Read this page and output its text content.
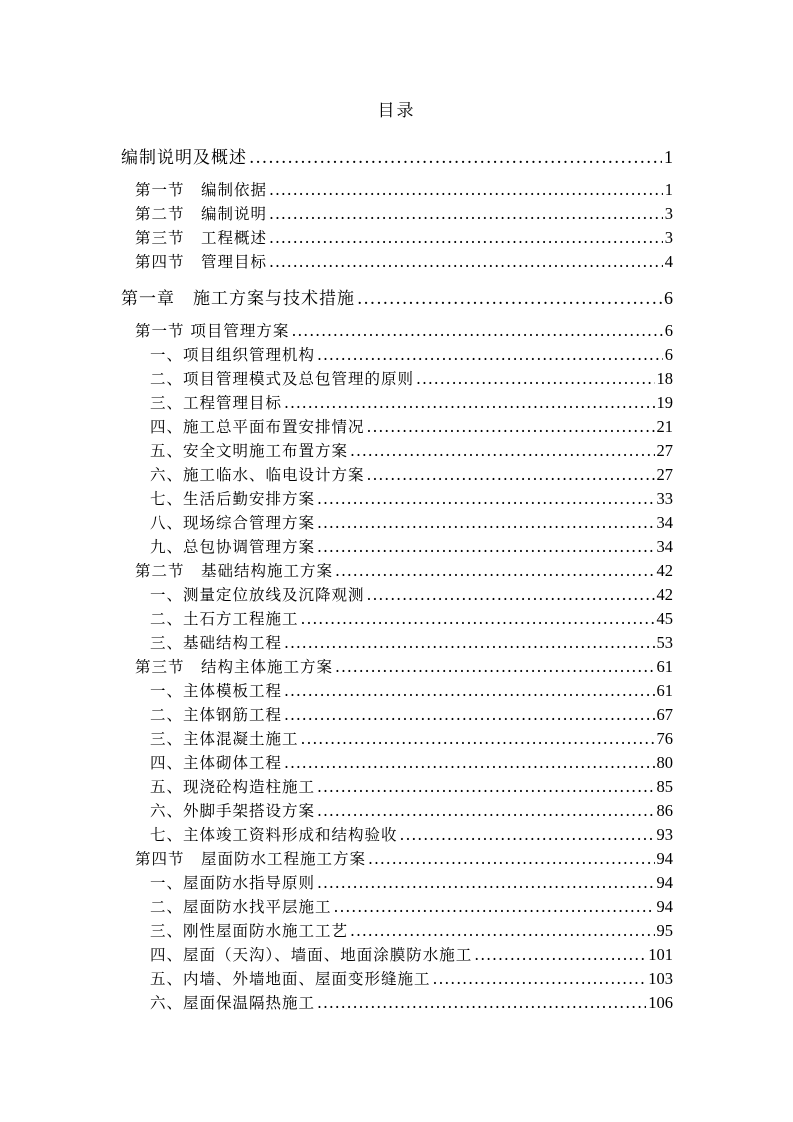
目录
编制说明及概述 .....	1
第一节　编制依据 .....	1
第二节　编制说明 .....	3
第三节　工程概述 .....	3
第四节　管理目标 .....	4
第一章　施工方案与技术措施 .....	6
第一节 项目管理方案 .....	6
一、项目组织管理机构 .....	6
二、项目管理模式及总包管理的原则 .....	18
三、工程管理目标 .....	19
四、施工总平面布置安排情况 .....	21
五、安全文明施工布置方案 .....	27
六、施工临水、临电设计方案 .....	27
七、生活后勤安排方案 .....	33
八、现场综合管理方案 .....	34
九、总包协调管理方案 .....	34
第二节　基础结构施工方案 .....	42
一、测量定位放线及沉降观测 .....	42
二、土石方工程施工 .....	45
三、基础结构工程 .....	53
第三节　结构主体施工方案 .....	61
一、主体模板工程 .....	61
二、主体钢筋工程 .....	67
三、主体混凝土施工 .....	76
四、主体砌体工程 .....	80
五、现浇砼构造柱施工 .....	85
六、外脚手架搭设方案 .....	86
七、主体竣工资料形成和结构验收 .....	93
第四节　屋面防水工程施工方案 .....	94
一、屋面防水指导原则 .....	94
二、屋面防水找平层施工 .....	94
三、刚性屋面防水施工工艺 .....	95
四、屋面（天沟）、墙面、地面涂膜防水施工 .....	101
五、内墙、外墙地面、屋面变形缝施工 .....	103
六、屋面保温隔热施工 .....	106
